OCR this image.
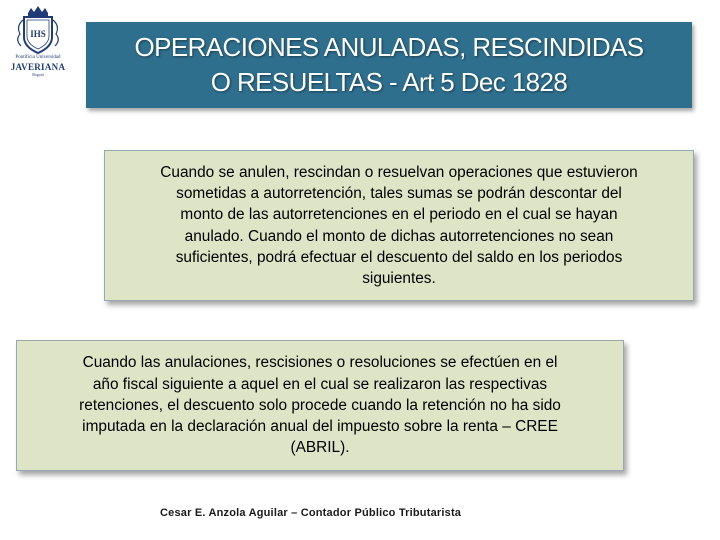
IHS
Pontificia Universidad
JAVERIANA
Bogotá
OPERACIONES ANULADAS, RESCINDIDAS
O RESUELTAS - Art 5 Dec 1828
Cuando se anulen, rescindan o resuelvan operaciones que estuvieron
sometidas a autorretención, tales sumas se podrán descontar del
monto de las autorretenciones en el periodo en el cual se hayan
anulado. Cuando el monto de dichas autorretenciones no sean
suficientes, podrá efectuar el descuento del saldo en los periodos
siguientes.
Cuando las anulaciones, rescisiones o resoluciones se efectúen en el
año fiscal siguiente a aquel en el cual se realizaron las respectivas
retenciones, el descuento solo procede cuando la retención no ha sido
imputada en la declaración anual del impuesto sobre la renta – CREE
(ABRIL).
Cesar E. Anzola Aguilar – Contador Público Tributarista
